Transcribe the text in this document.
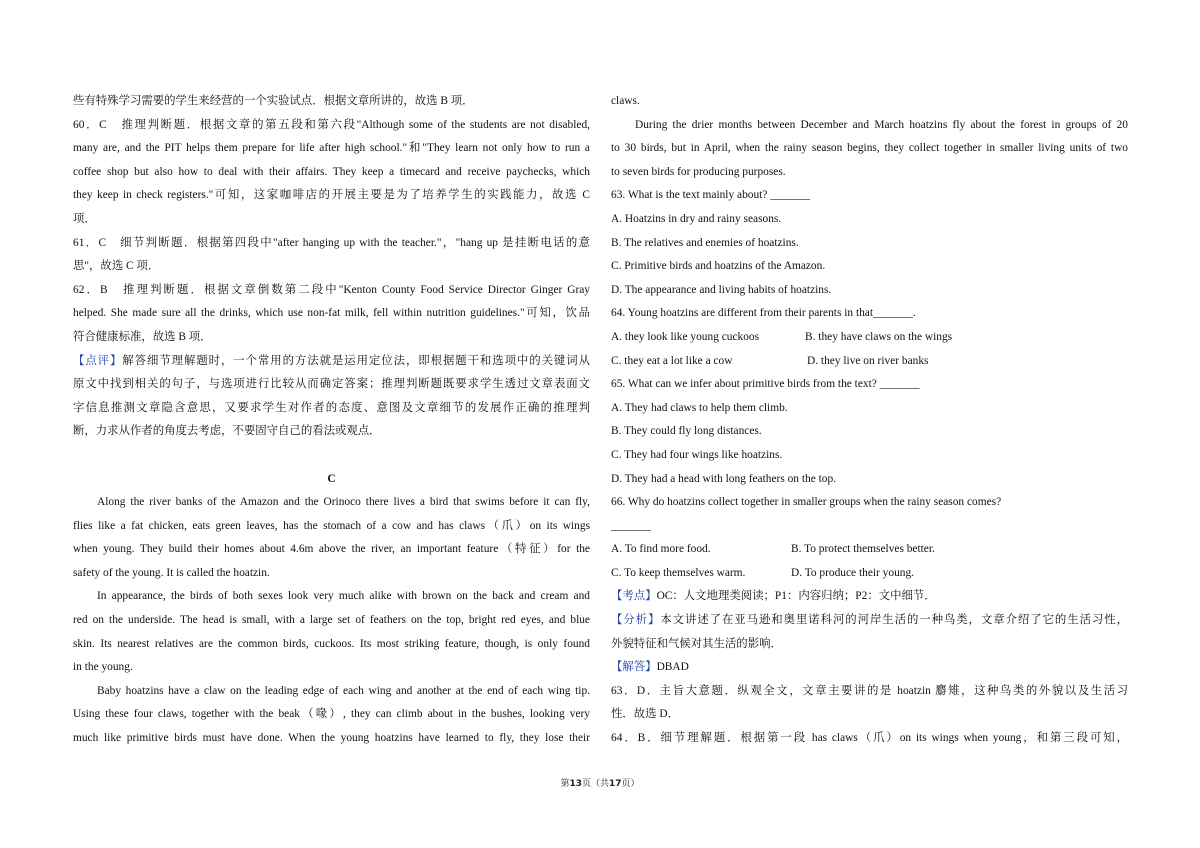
些有特殊学习需要的学生来经营的一个实验试点．根据文章所讲的，故选 B 项．
60．C　推理判断题．根据文章的第五段和第六段"Although some of the students are not disabled,
many are, and the PIT helps them prepare for life after high school."和"They learn not only how to run a
coffee shop but also how to deal with their affairs. They keep a timecard and receive paychecks, which
they keep in check registers."可知，这家咖啡店的开展主要是为了培养学生的实践能力，故选 C
项．
61．C　细节判断题．根据第四段中"after hanging up with the teacher."，"hang up 是挂断电话的意
思"，故选 C 项．
62．B　推理判断题．根据文章倒数第二段中"Kenton County Food Service Director Ginger Gray
helped. She made sure all the drinks, which use non-fat milk, fell within nutrition guidelines."可知，饮品
符合健康标准，故选 B 项．
【点评】解答细节理解题时，一个常用的方法就是运用定位法，即根据题干和选项中的关键词从
原文中找到相关的句子，与选项进行比较从而确定答案；推理判断题既要求学生透过文章表面文
字信息推测文章隐含意思，又要求学生对作者的态度、意图及文章细节的发展作正确的推理判
断，力求从作者的角度去考虑，不要固守自己的看法或观点．
C
Along the river banks of the Amazon and the Orinoco there lives a bird that swims before it can fly,
flies like a fat chicken, eats green leaves, has the stomach of a cow and has claws（爪）on its wings
when young. They build their homes about 4.6m above the river, an important feature（特征）for the
safety of the young. It is called the hoatzin.
In appearance, the birds of both sexes look very much alike with brown on the back and cream and
red on the underside. The head is small, with a large set of feathers on the top, bright red eyes, and blue
skin. Its nearest relatives are the common birds, cuckoos. Its most striking feature, though, is only found
in the young.
Baby hoatzins have a claw on the leading edge of each wing and another at the end of each wing tip.
Using these four claws, together with the beak（喙）, they can climb about in the bushes, looking very
much like primitive birds must have done. When the young hoatzins have learned to fly, they lose their
claws.
During the drier months between December and March hoatzins fly about the forest in groups of 20
to 30 birds, but in April, when the rainy season begins, they collect together in smaller living units of two
to seven birds for producing purposes.
63. What is the text mainly about? _______
A. Hoatzins in dry and rainy seasons.
B. The relatives and enemies of hoatzins.
C. Primitive birds and hoatzins of the Amazon.
D. The appearance and living habits of hoatzins.
64. Young hoatzins are different from their parents in that_______.
A. they look like young cuckoos	B. they have claws on the wings
C. they eat a lot like a cow	D. they live on river banks
65. What can we infer about primitive birds from the text? _______
A. They had claws to help them climb.
B. They could fly long distances.
C. They had four wings like hoatzins.
D. They had a head with long feathers on the top.
66. Why do hoatzins collect together in smaller groups when the rainy season comes?
_______
A. To find more food.	B. To protect themselves better.
C. To keep themselves warm.	D. To produce their young.
【考点】OC：人文地理类阅读；P1：内容归纳；P2：文中细节．
【分析】本文讲述了在亚马逊和奥里诺科河的河岸生活的一种鸟类，文章介绍了它的生活习性，
外貌特征和气候对其生活的影响．
【解答】DBAD
63．D．主旨大意题．纵观全文，文章主要讲的是 hoatzin 麝雉，这种鸟类的外貌以及生活习
性．故选 D．
64．B．细节理解题．根据第一段 has claws（爪）on its wings when young，和第三段可知，
第13页（共17页）
